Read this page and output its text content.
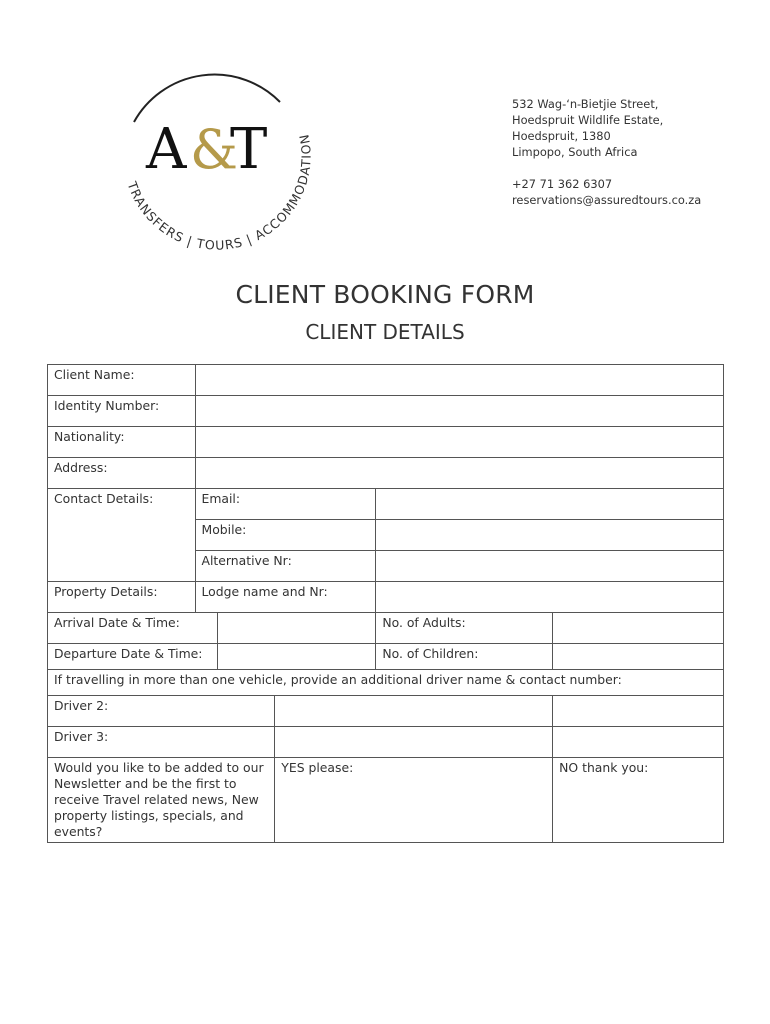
A &
T
TRANSFERS | TOURS | ACCOMMODATION
532 Wag-‘n-Bietjie Street,
Hoedspruit Wildlife Estate,
Hoedspruit, 1380
Limpopo, South Africa
+27 71 362 6307
reservations@assuredtours.co.za
CLIENT BOOKING FORM
CLIENT DETAILS
Client Name:					
Identity Number:					
Nationality:					
Address:					
Contact Details:	Email:				
	Mobile:				
	Alternative Nr:				
Property Details:	Lodge name and Nr:				
Arrival Date & Time:				No. of Adults:	
Departure Date & Time:				No. of Children:	
If travelling in more than one vehicle, provide an additional driver name & contact number:					
Driver 2:					
Driver 3:					
Would you like to be added to our Newsletter and be the first to receive Travel related news, New property listings, specials, and events?			YES please:		NO thank you:
